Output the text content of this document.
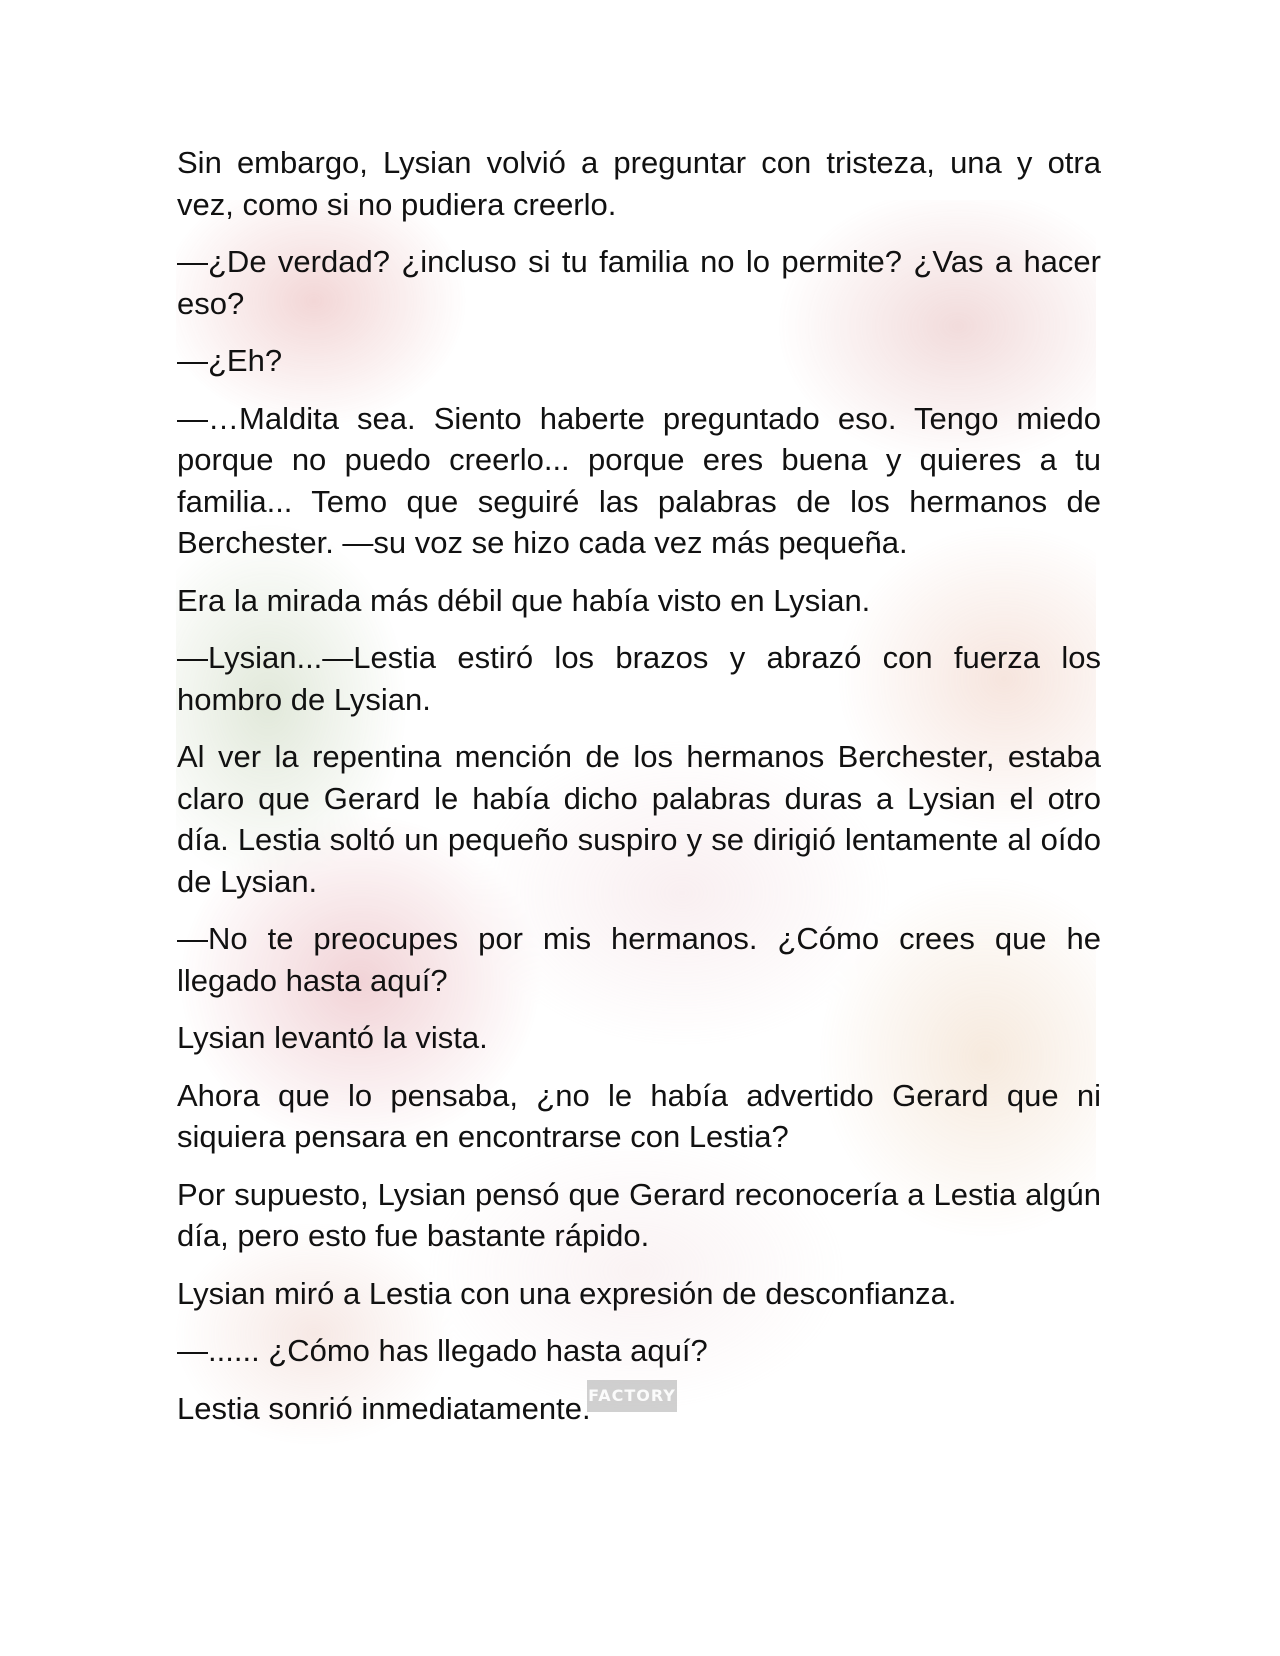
FACTORY

Sin embargo, Lysian volvió a preguntar con tristeza, una y otra vez, como si no pudiera creerlo.

—¿De verdad? ¿incluso si tu familia no lo permite? ¿Vas a hacer eso?

—¿Eh?

—…Maldita sea. Siento haberte preguntado eso. Tengo miedo porque no puedo creerlo... porque eres buena y quieres a tu familia... Temo que seguiré las palabras de los hermanos de Berchester. —su voz se hizo cada vez más pequeña.

Era la mirada más débil que había visto en Lysian.

—Lysian...—Lestia estiró los brazos y abrazó con fuerza los hombro de Lysian.

Al ver la repentina mención de los hermanos Berchester, estaba claro que Gerard le había dicho palabras duras a Lysian el otro día. Lestia soltó un pequeño suspiro y se dirigió lentamente al oído de Lysian.

—No te preocupes por mis hermanos. ¿Cómo crees que he llegado hasta aquí?

Lysian levantó la vista.

Ahora que lo pensaba, ¿no le había advertido Gerard que ni siquiera pensara en encontrarse con Lestia?

Por supuesto, Lysian pensó que Gerard reconocería a Lestia algún día, pero esto fue bastante rápido.

Lysian miró a Lestia con una expresión de desconfianza.

—...... ¿Cómo has llegado hasta aquí?

Lestia sonrió inmediatamente.
